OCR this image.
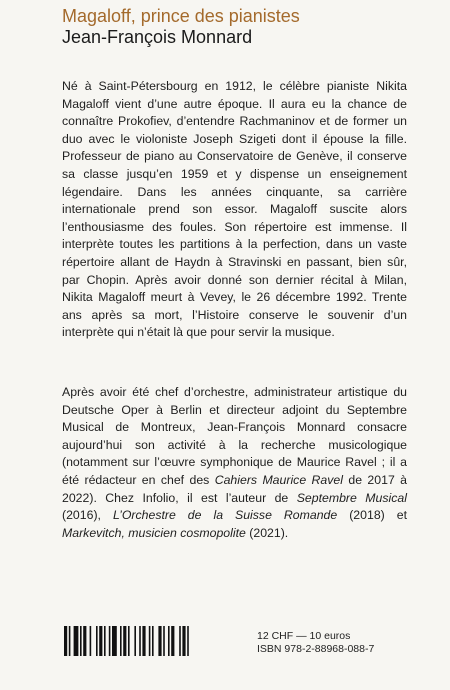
Magaloff, prince des pianistes
Jean-François Monnard

Né à Saint-Pétersbourg en 1912, le célèbre pianiste Nikita Magaloff vient d’une autre époque. Il aura eu la chance de connaître Prokofiev, d’entendre Rachmaninov et de former un duo avec le violoniste Joseph Szigeti dont il épouse la fille. Professeur de piano au Conservatoire de Genève, il conserve sa classe jusqu’en 1959 et y dispense un enseignement légendaire. Dans les années cinquante, sa carrière internationale prend son essor. Magaloff suscite alors l’enthousiasme des foules. Son répertoire est immense. Il interprète toutes les partitions à la perfection, dans un vaste répertoire allant de Haydn à Stravinski en passant, bien sûr, par Chopin. Après avoir donné son dernier récital à Milan, Nikita Magaloff meurt à Vevey, le 26 décembre 1992. Trente ans après sa mort, l’Histoire conserve le souvenir d’un interprète qui n’était là que pour servir la musique.

Après avoir été chef d’orchestre, administrateur artistique du Deutsche Oper à Berlin et directeur adjoint du Septembre Musical de Montreux, Jean-François Monnard consacre aujourd’hui son activité à la recherche musicologique (notamment sur l’œuvre symphonique de Maurice Ravel ; il a été rédacteur en chef des Cahiers Maurice Ravel de 2017 à 2022). Chez Infolio, il est l’auteur de Septembre Musical (2016), L’Orchestre de la Suisse Romande (2018) et Markevitch, musicien cosmopolite (2021).

12 CHF — 10 euros
ISBN 978-2-88968-088-7
